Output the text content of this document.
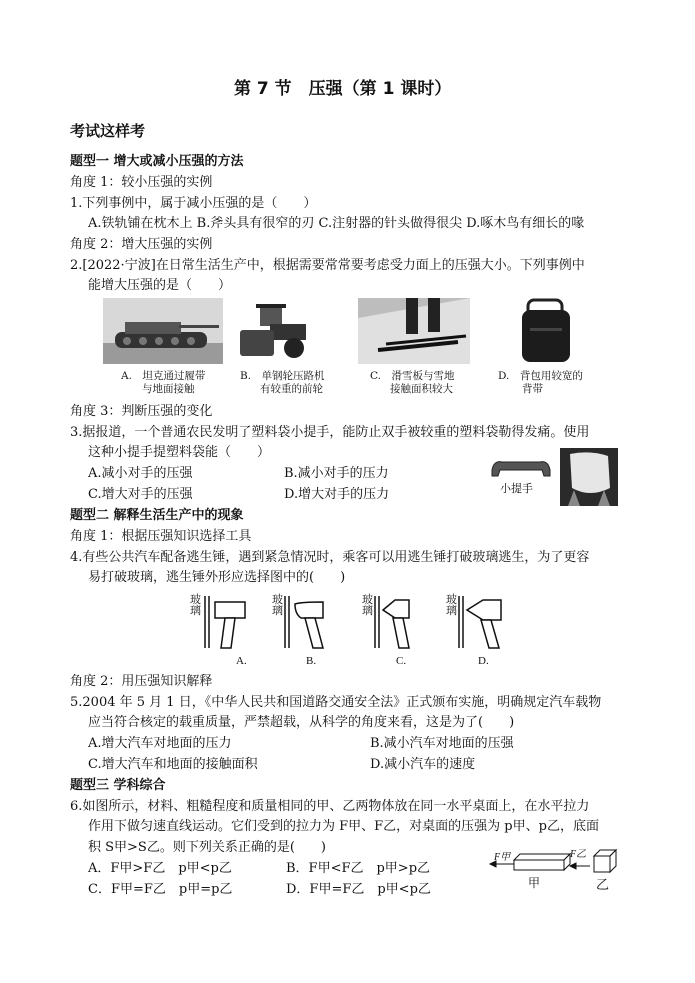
第 7 节　压强（第 1 课时）
考试这样考
题型一 增大或减小压强的方法
角度 1：较小压强的实例
1.下列事例中，属于减小压强的是（　　）
A.铁轨铺在枕木上 B.斧头具有很窄的刃 C.注射器的针头做得很尖 D.啄木鸟有细长的喙
角度 2：增大压强的实例
2.[2022·宁波]在日常生活生产中，根据需要常常要考虑受力面上的压强大小。下列事例中
能增大压强的是（　　）
A.　 坦克通过履带
与地面接触
B.　 单钢轮压路机
有较重的前轮
C.　 滑雪板与雪地
接触面积较大
D.　 背包用较宽的
背带
角度 3：判断压强的变化
3.据报道，一个普通农民发明了塑料袋小提手，能防止双手被较重的塑料袋勒得发痛。使用
这种小提手提塑料袋能（　　）
A.减小对手的压强	B.减小对手的压力
C.增大对手的压强	D.增大对手的压力	小提手
题型二 解释生活生产中的现象
角度 1：根据压强知识选择工具
4.有些公共汽车配备逃生锤，遇到紧急情况时，乘客可以用逃生锤打破玻璃逃生，为了更容
易打破玻璃，逃生锤外形应选择图中的(　　)
玻璃
玻璃
玻璃
玻璃
A.	B.	C.	D.
角度 2：用压强知识解释
5.2004 年 5 月 1 日，《中华人民共和国道路交通安全法》正式颁布实施，明确规定汽车载物
应当符合核定的载重质量，严禁超载，从科学的角度来看，这是为了(　　)
A.增大汽车对地面的压力	B.减小汽车对地面的压强
C.增大汽车和地面的接触面积	D.减小汽车的速度
题型三 学科综合
6.如图所示，材料、粗糙程度和质量相同的甲、乙两物体放在同一水平桌面上，在水平拉力
作用下做匀速直线运动。它们受到的拉力为 F甲、F乙，对桌面的压强为 p甲、p乙，底面
积 S甲>S乙。则下列关系正确的是(　　)
A．F甲>F乙　p甲<p乙	B．F甲<F乙　p甲>p乙
C．F甲=F乙　p甲=p乙	D．F甲=F乙　p甲<p乙
F甲	F乙
甲	乙
